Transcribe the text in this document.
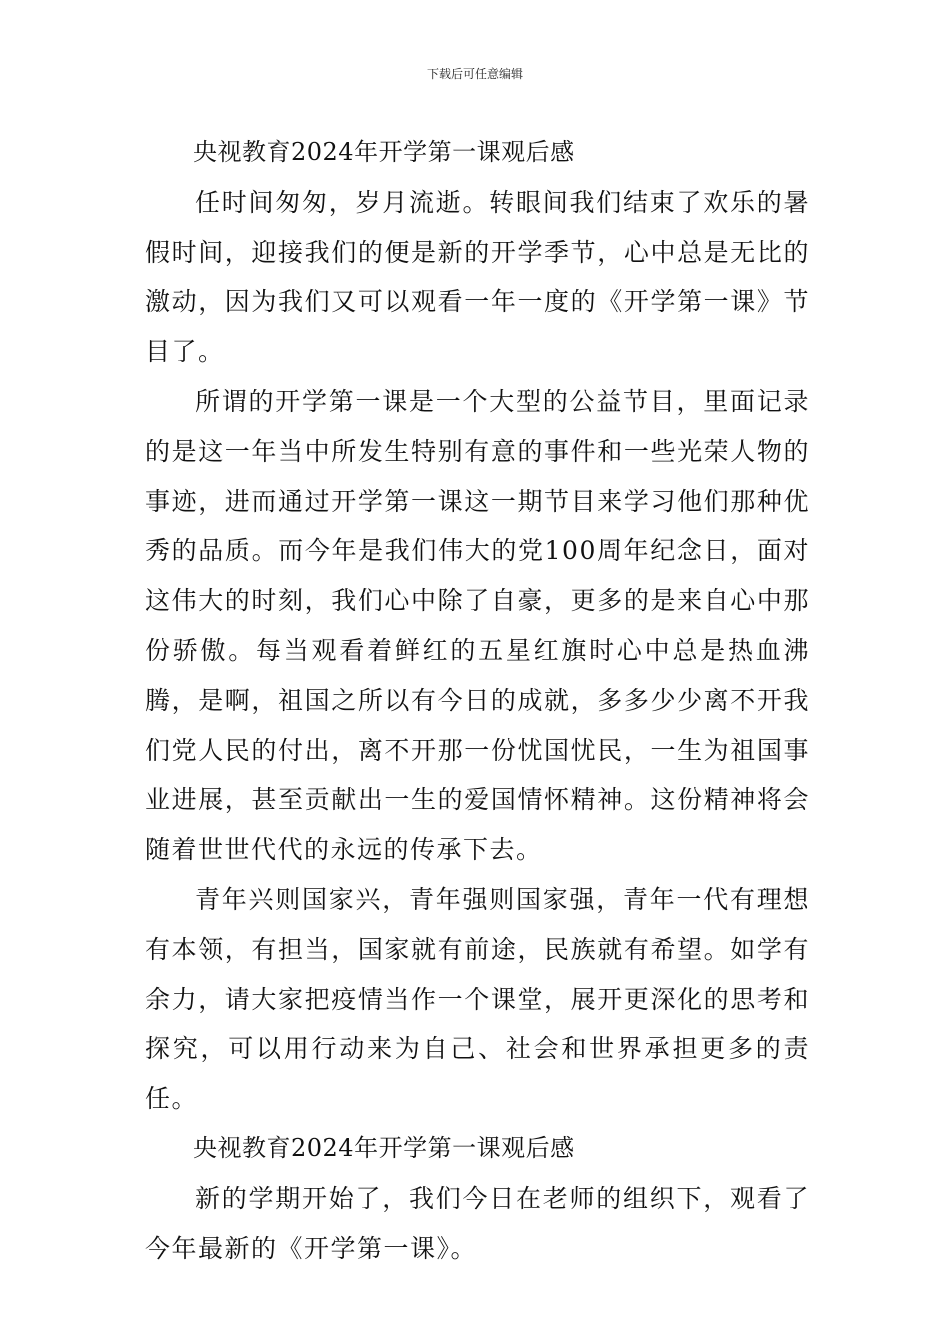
下载后可任意编辑

央视教育2024年开学第一课观后感

任时间匆匆，岁月流逝。转眼间我们结束了欢乐的暑假时间，迎接我们的便是新的开学季节，心中总是无比的激动，因为我们又可以观看一年一度的《开学第一课》节目了。

所谓的开学第一课是一个大型的公益节目，里面记录的是这一年当中所发生特别有意的事件和一些光荣人物的事迹，进而通过开学第一课这一期节目来学习他们那种优秀的品质。而今年是我们伟大的党100周年纪念日，面对这伟大的时刻，我们心中除了自豪，更多的是来自心中那份骄傲。每当观看着鲜红的五星红旗时心中总是热血沸腾，是啊，祖国之所以有今日的成就，多多少少离不开我们党人民的付出，离不开那一份忧国忧民，一生为祖国事业进展，甚至贡献出一生的爱国情怀精神。这份精神将会随着世世代代的永远的传承下去。

青年兴则国家兴，青年强则国家强，青年一代有理想有本领，有担当，国家就有前途，民族就有希望。如学有余力，请大家把疫情当作一个课堂，展开更深化的思考和探究，可以用行动来为自己、社会和世界承担更多的责任。

央视教育2024年开学第一课观后感

新的学期开始了，我们今日在老师的组织下，观看了今年最新的《开学第一课》。
